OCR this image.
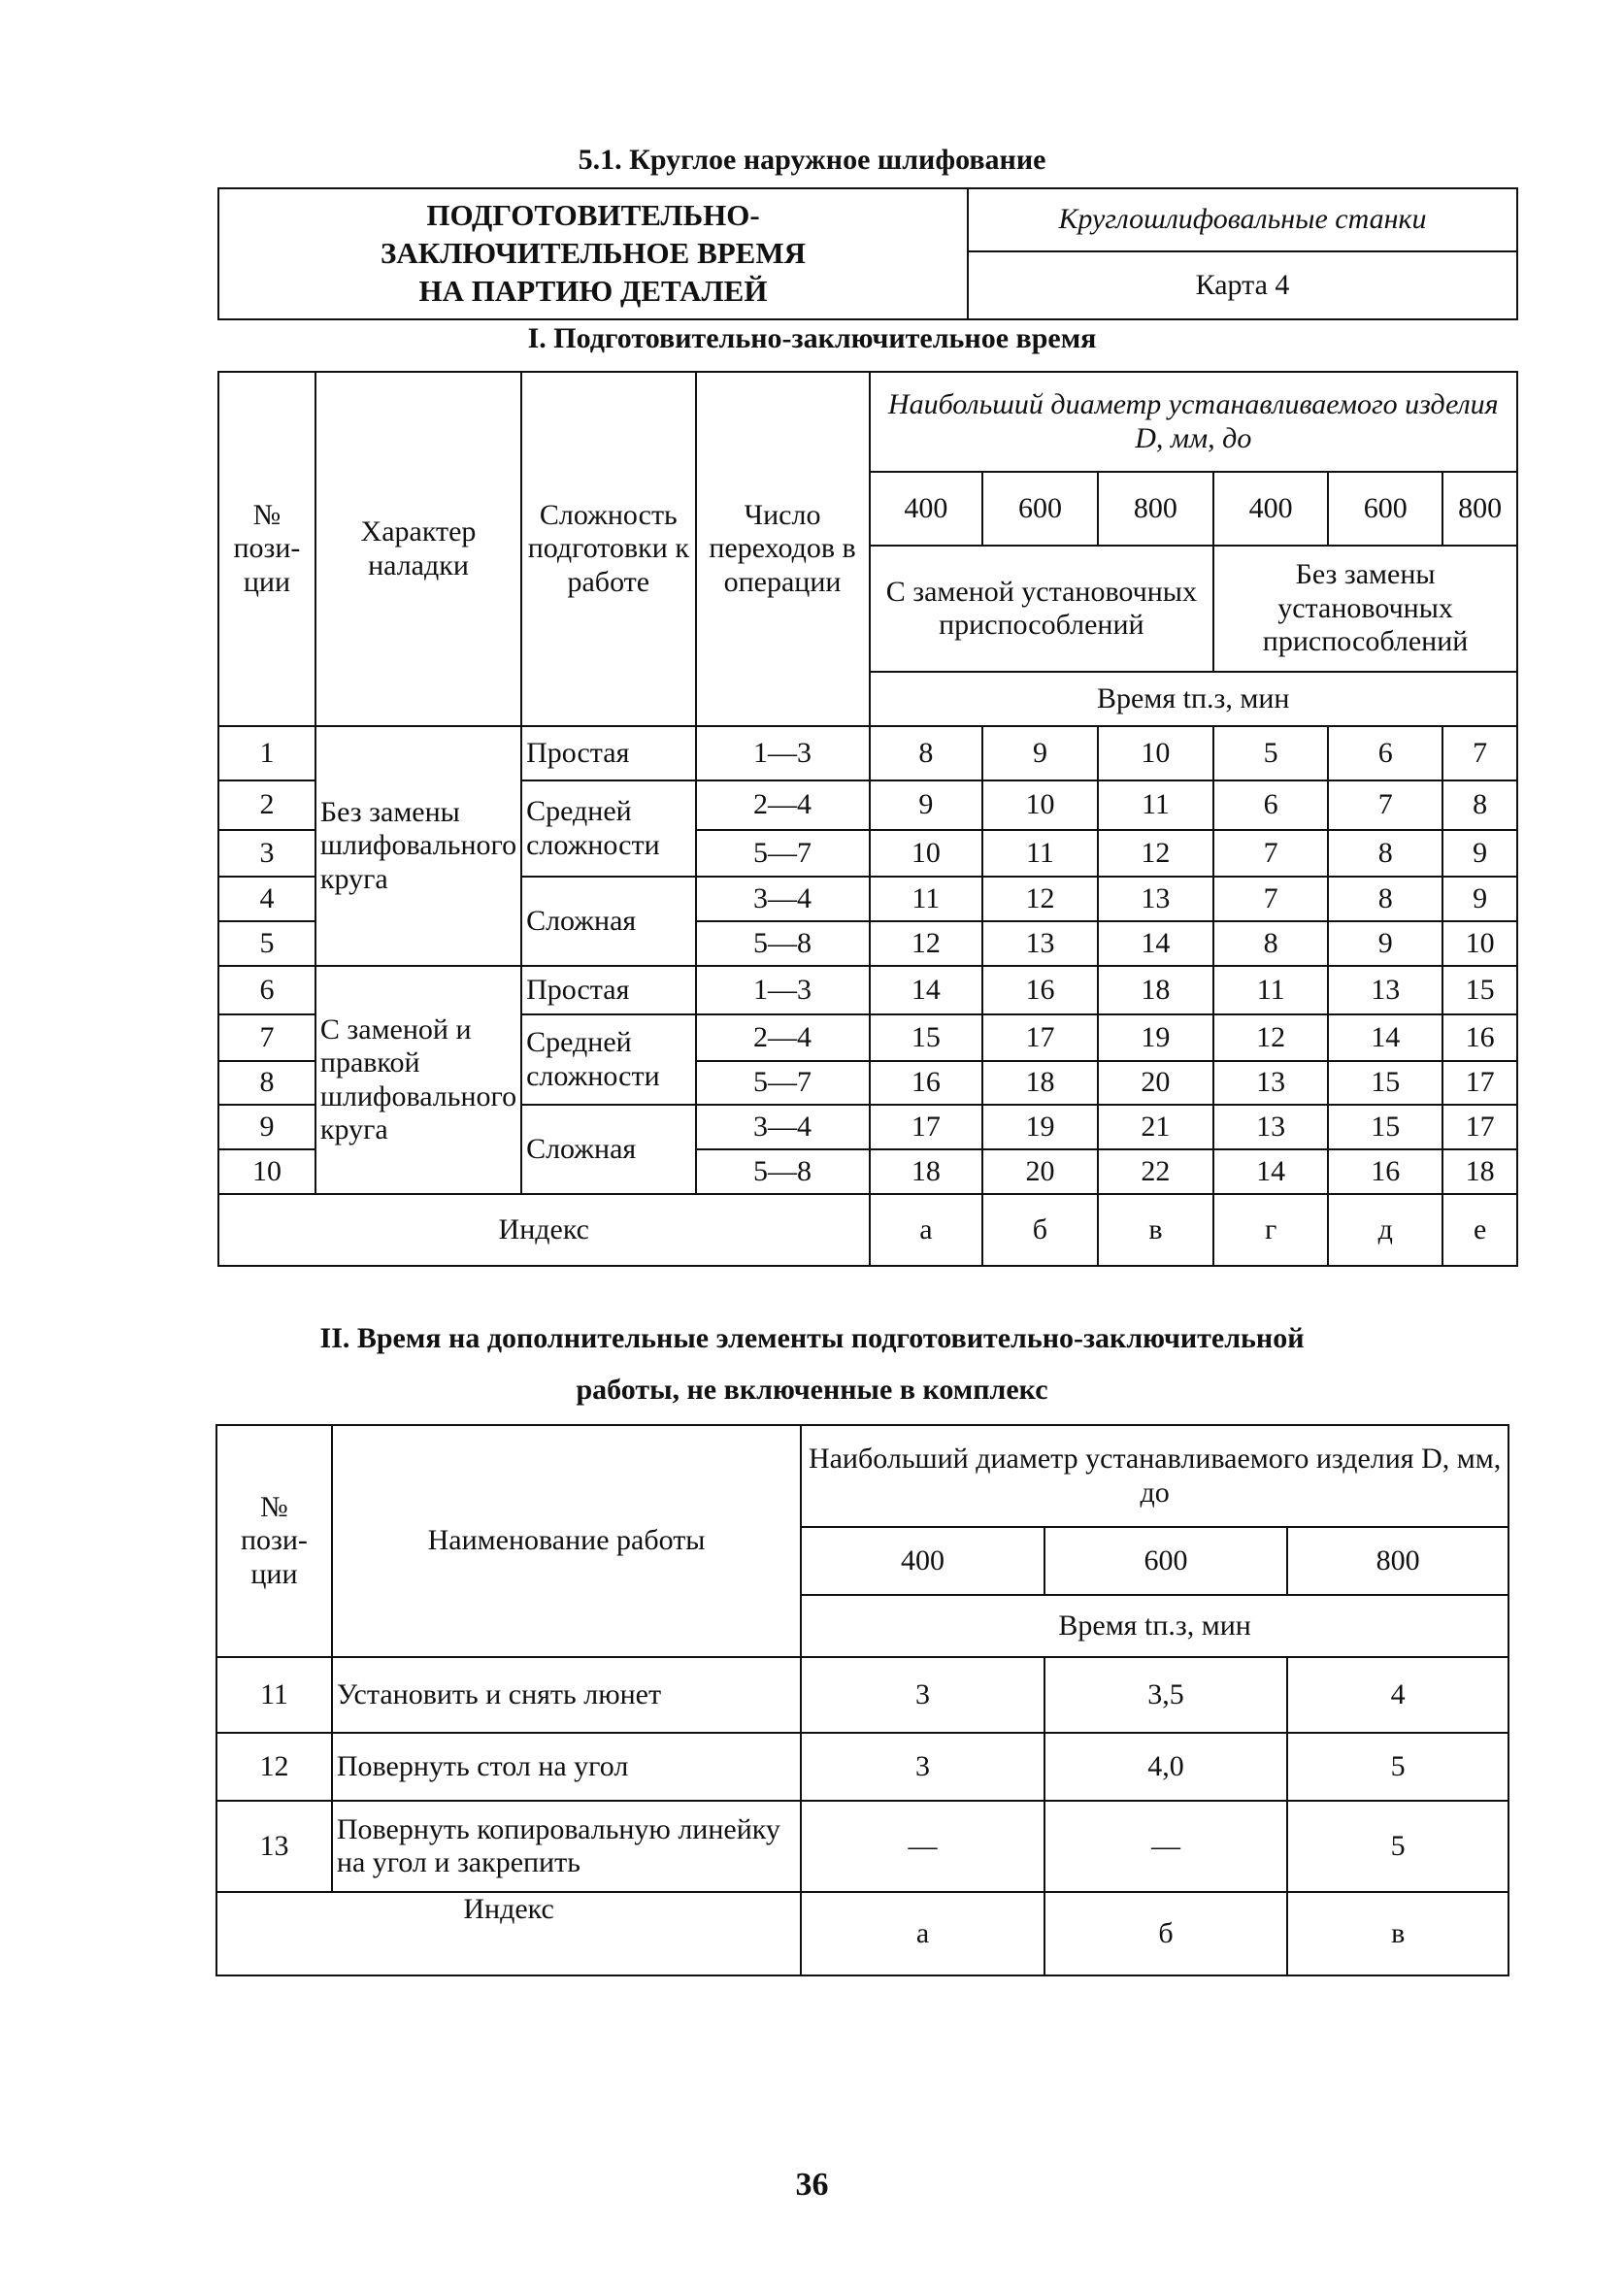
5.1. Круглое наружное шлифование
ПОДГОТОВИТЕЛЬНО-
ЗАКЛЮЧИТЕЛЬНОЕ ВРЕМЯ
НА ПАРТИЮ ДЕТАЛЕЙ
	Круглошлифовальные станки
Карта 4
I. Подготовительно-заключительное время
№
пози-
ции	Характер наладки	Сложность подготовки к работе	Число переходов в операции	Наибольший диаметр устанавливаемого изделия D, мм, до					
				400	600	800	400	600	800
				С заменой установочных приспособлений			Без замены установочных приспособлений		
				Время tп.з, мин					
1	Без замены шлифовального круга	Простая	1—3	8	9	10	5	6	7
2		Средней сложности	2—4	9	10	11	6	7	8
3			5—7	10	11	12	7	8	9
4		Сложная	3—4	11	12	13	7	8	9
5			5—8	12	13	14	8	9	10
6	С заменой и правкой шлифовального круга	Простая	1—3	14	16	18	11	13	15
7		Средней сложности	2—4	15	17	19	12	14	16
8			5—7	16	18	20	13	15	17
9		Сложная	3—4	17	19	21	13	15	17
10			5—8	18	20	22	14	16	18
Индекс				а	б	в	г	д	е
II. Время на дополнительные элементы подготовительно-заключительной
работы, не включенные в комплекс
№
пози-
ции	Наименование работы	Наибольший диаметр устанавливаемого изделия D, мм, до		
		400	600	800
		Время tп.з, мин		
11	Установить и снять люнет	3	3,5	4
12	Повернуть стол на угол	3	4,0	5
13	Повернуть копировальную линейку на угол и закрепить	—	—	5
Индекс		а	б	в
36
